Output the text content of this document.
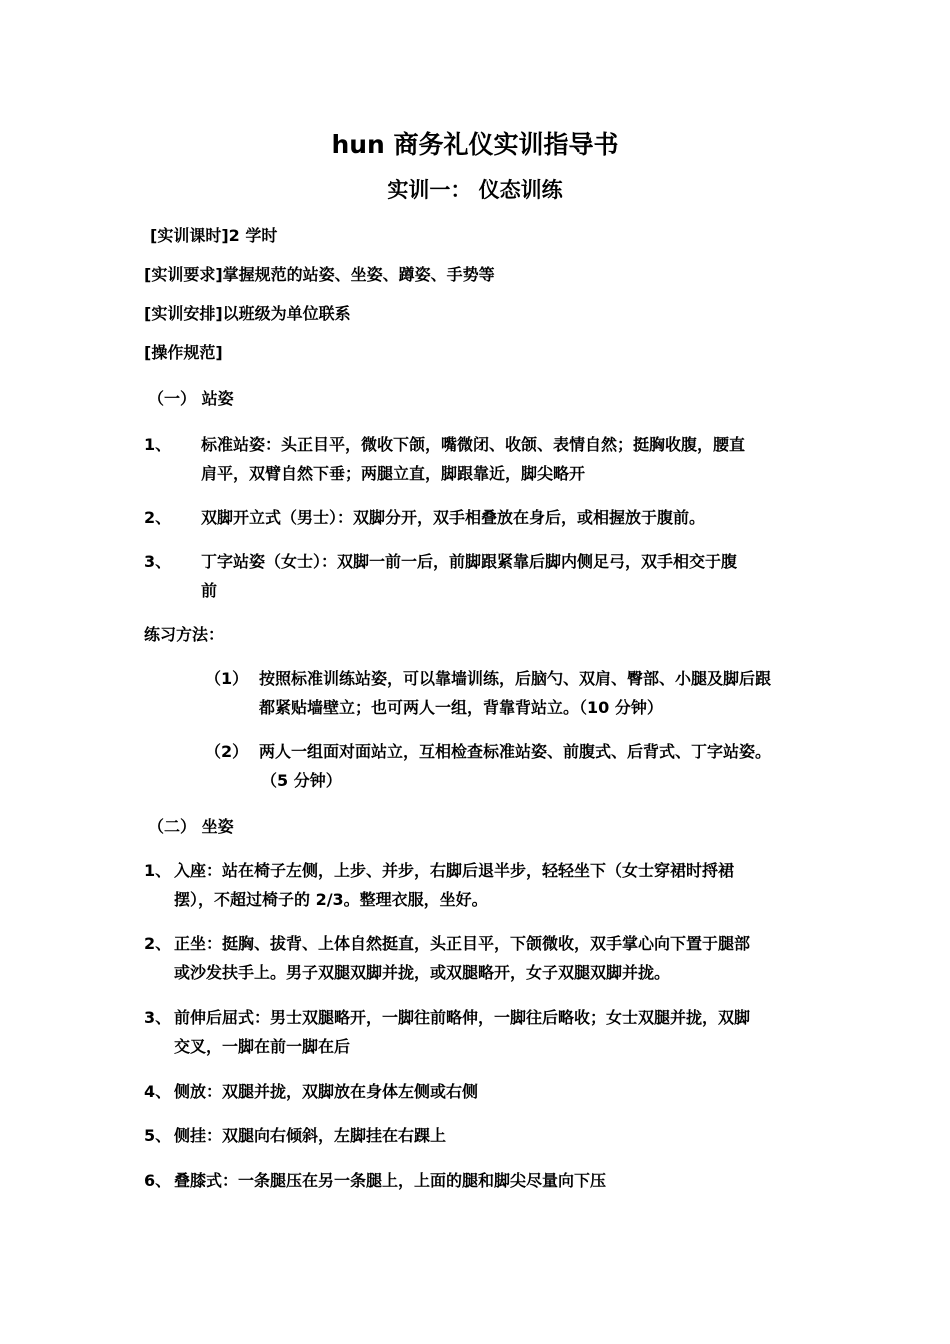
hun 商务礼仪实训指导书
实训一： 仪态训练
[实训课时]2 学时
[实训要求]掌握规范的站姿、坐姿、蹲姿、手势等
[实训安排]以班级为单位联系
[操作规范]
（一） 站姿
1、 标准站姿：头正目平，微收下颌，嘴微闭、收颌、表情自然；挺胸收腹，腰直
肩平，双臂自然下垂；两腿立直，脚跟靠近，脚尖略开
2、 双脚开立式（男士）：双脚分开，双手相叠放在身后，或相握放于腹前。
3、 丁字站姿（女士）：双脚一前一后，前脚跟紧靠后脚内侧足弓，双手相交于腹
前
练习方法：
（1） 按照标准训练站姿，可以靠墙训练，后脑勺、双肩、臀部、小腿及脚后跟
都紧贴墙壁立；也可两人一组，背靠背站立。（10 分钟）
（2） 两人一组面对面站立，互相检查标准站姿、前腹式、后背式、丁字站姿。
（5 分钟）
（二） 坐姿
1、 入座：站在椅子左侧，上步、并步，右脚后退半步，轻轻坐下（女士穿裙时捋裙
摆），不超过椅子的 2/3。整理衣服，坐好。
2、 正坐：挺胸、拔背、上体自然挺直，头正目平，下颌微收，双手掌心向下置于腿部
或沙发扶手上。男子双腿双脚并拢，或双腿略开，女子双腿双脚并拢。
3、 前伸后屈式：男士双腿略开，一脚往前略伸，一脚往后略收；女士双腿并拢，双脚
交叉，一脚在前一脚在后
4、 侧放：双腿并拢，双脚放在身体左侧或右侧
5、 侧挂：双腿向右倾斜，左脚挂在右踝上
6、 叠膝式：一条腿压在另一条腿上，上面的腿和脚尖尽量向下压
